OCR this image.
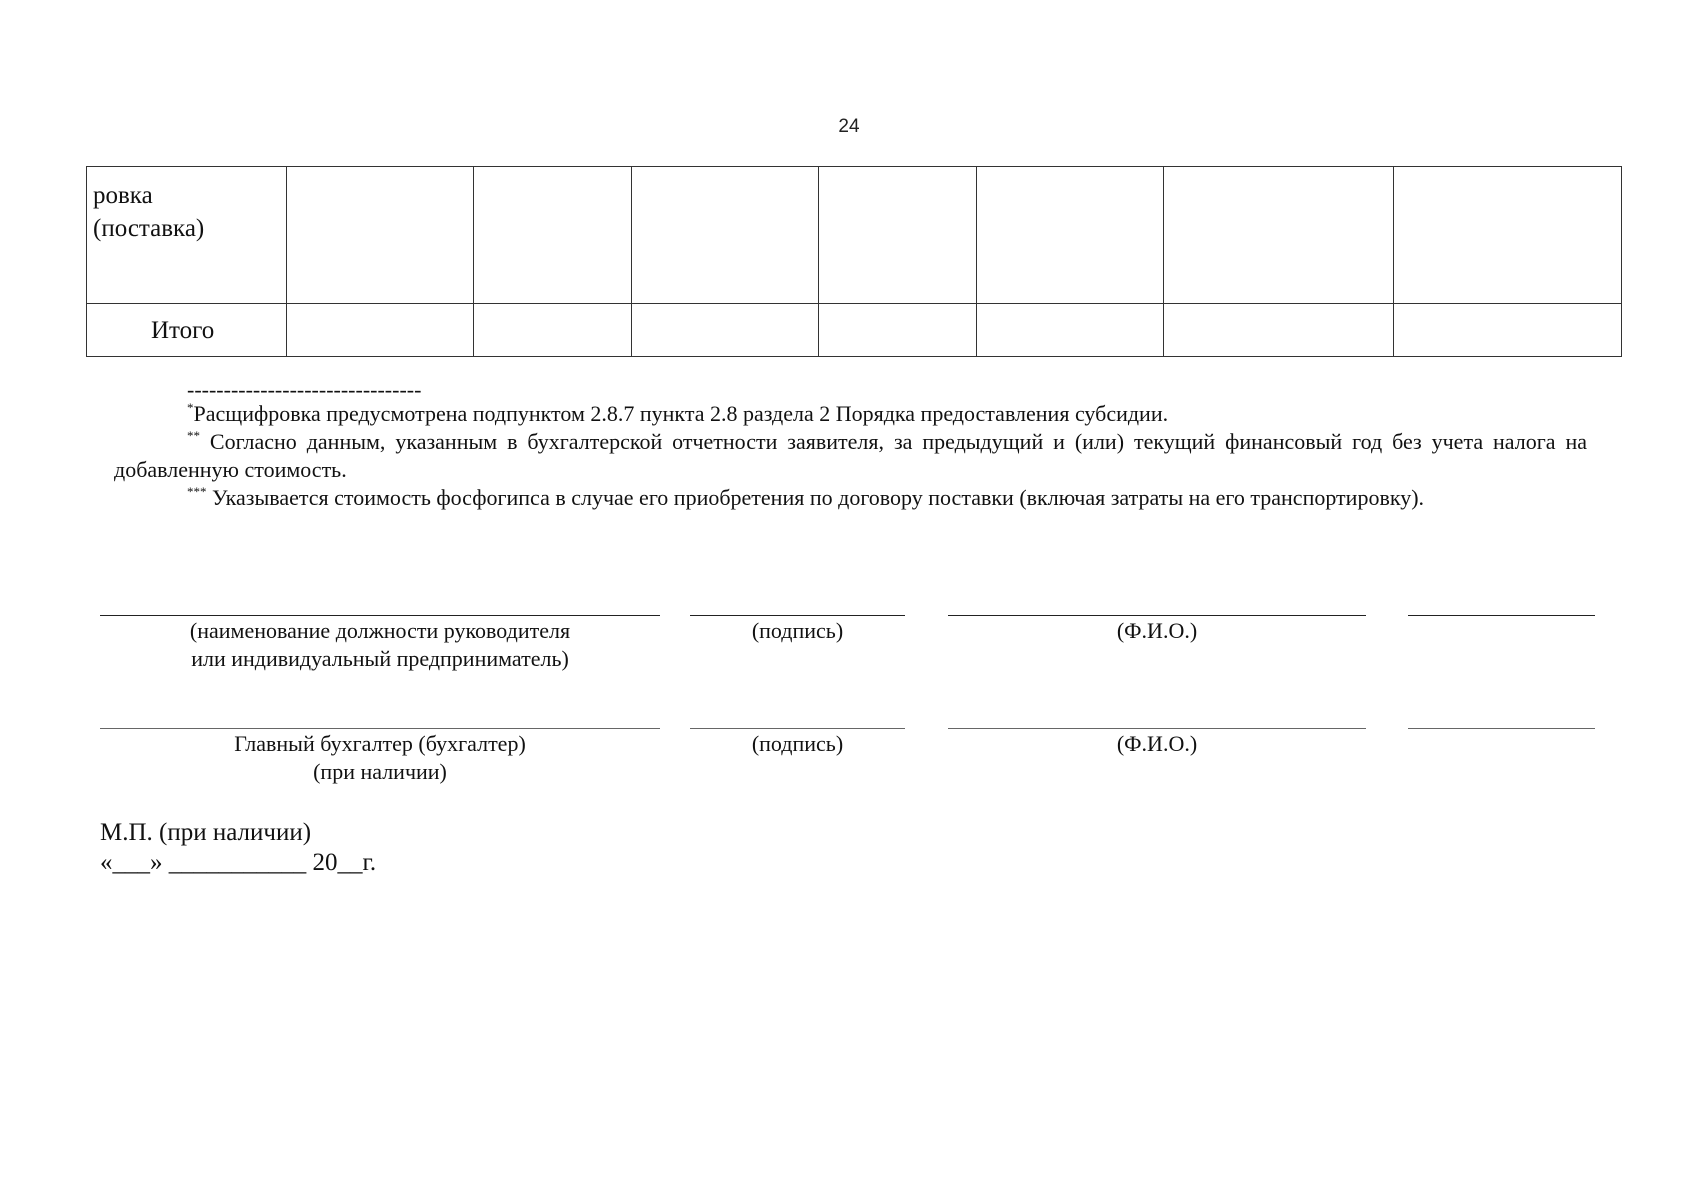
24
ровка
(поставка)							
Итого							
--------------------------------

*Расщифровка предусмотрена подпунктом 2.8.7 пункта 2.8 раздела 2 Порядка предоставления субсидии.

** Согласно данным, указанным в бухгалтерской отчетности заявителя, за предыдущий и (или) текущий финансовый год без учета налога на добавленную стоимость.

*** Указывается стоимость фосфогипса в случае его приобретения по договору поставки (включая затраты на его транспортировку).

(наименование должности руководителя
или индивидуальный предприниматель)
(подпись)	(Ф.И.О.)
Главный бухгалтер (бухгалтер)
(при наличии)
(подпись)	(Ф.И.О.)
М.П. (при наличии)
«___» ___________ 20__г.
